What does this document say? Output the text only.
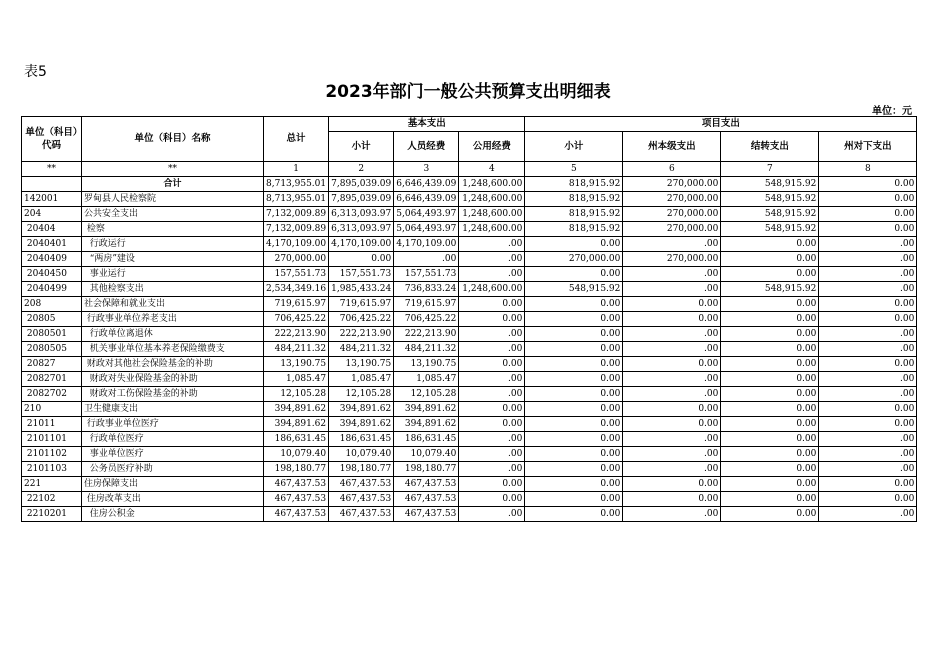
表5
2023年部门一般公共预算支出明细表
单位：元
单位（科目）代码	单位（科目）名称	总计	基本支出			项目支出			
			小计	人员经费	公用经费	小计	州本级支出	结转支出	州对下支出
**	**	1	2	3	4	5	6	7	8
	合计	8,713,955.01	7,895,039.09	6,646,439.09	1,248,600.00	818,915.92	270,000.00	548,915.92	0.00
142001	罗甸县人民检察院	8,713,955.01	7,895,039.09	6,646,439.09	1,248,600.00	818,915.92	270,000.00	548,915.92	0.00
204	公共安全支出	7,132,009.89	6,313,093.97	5,064,493.97	1,248,600.00	818,915.92	270,000.00	548,915.92	0.00
20404	检察	7,132,009.89	6,313,093.97	5,064,493.97	1,248,600.00	818,915.92	270,000.00	548,915.92	0.00
2040401	行政运行	4,170,109.00	4,170,109.00	4,170,109.00	.00	0.00	.00	0.00	.00
2040409	“两房”建设	270,000.00	0.00	.00	.00	270,000.00	270,000.00	0.00	.00
2040450	事业运行	157,551.73	157,551.73	157,551.73	.00	0.00	.00	0.00	.00
2040499	其他检察支出	2,534,349.16	1,985,433.24	736,833.24	1,248,600.00	548,915.92	.00	548,915.92	.00
208	社会保障和就业支出	719,615.97	719,615.97	719,615.97	0.00	0.00	0.00	0.00	0.00
20805	行政事业单位养老支出	706,425.22	706,425.22	706,425.22	0.00	0.00	0.00	0.00	0.00
2080501	行政单位离退休	222,213.90	222,213.90	222,213.90	.00	0.00	.00	0.00	.00
2080505	机关事业单位基本养老保险缴费支	484,211.32	484,211.32	484,211.32	.00	0.00	.00	0.00	.00
20827	财政对其他社会保险基金的补助	13,190.75	13,190.75	13,190.75	0.00	0.00	0.00	0.00	0.00
2082701	财政对失业保险基金的补助	1,085.47	1,085.47	1,085.47	.00	0.00	.00	0.00	.00
2082702	财政对工伤保险基金的补助	12,105.28	12,105.28	12,105.28	.00	0.00	.00	0.00	.00
210	卫生健康支出	394,891.62	394,891.62	394,891.62	0.00	0.00	0.00	0.00	0.00
21011	行政事业单位医疗	394,891.62	394,891.62	394,891.62	0.00	0.00	0.00	0.00	0.00
2101101	行政单位医疗	186,631.45	186,631.45	186,631.45	.00	0.00	.00	0.00	.00
2101102	事业单位医疗	10,079.40	10,079.40	10,079.40	.00	0.00	.00	0.00	.00
2101103	公务员医疗补助	198,180.77	198,180.77	198,180.77	.00	0.00	.00	0.00	.00
221	住房保障支出	467,437.53	467,437.53	467,437.53	0.00	0.00	0.00	0.00	0.00
22102	住房改革支出	467,437.53	467,437.53	467,437.53	0.00	0.00	0.00	0.00	0.00
2210201	住房公积金	467,437.53	467,437.53	467,437.53	.00	0.00	.00	0.00	.00
